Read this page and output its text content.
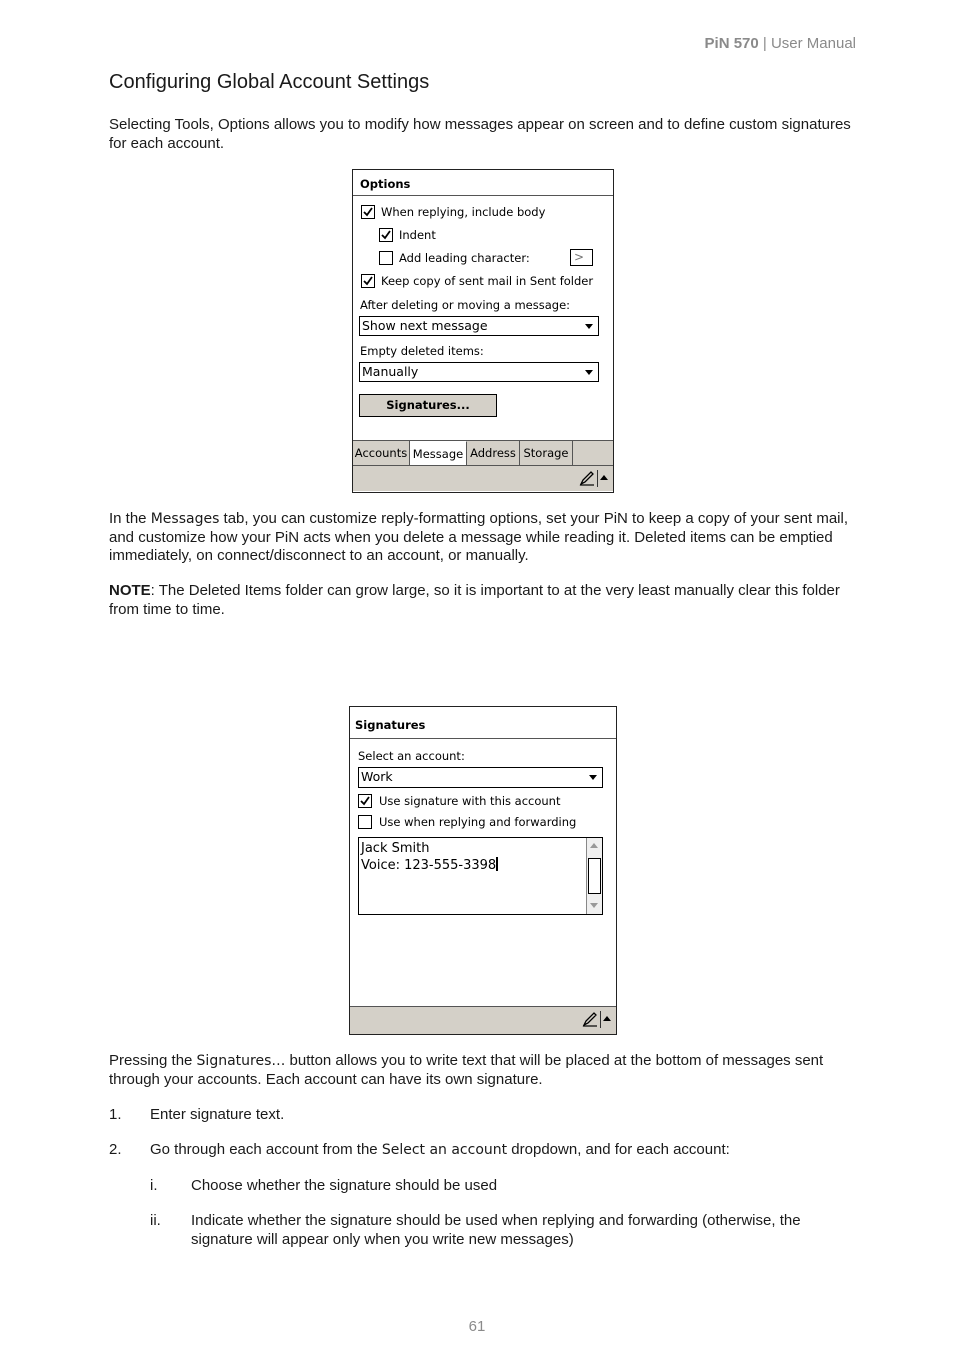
PiN 570 | User Manual
Configuring Global Account Settings
Selecting Tools, Options allows you to modify how messages appear on screen and to define custom signatures for each account.
Options
When replying, include body
Indent
Add leading character:	>
Keep copy of sent mail in Sent folder
After deleting or moving a message:
Show next message
Empty deleted items:
Manually
Signatures...
Accounts Message Address Storage
In the Messages tab, you can customize reply-formatting options, set your PiN to keep a copy of your sent mail, and customize how your PiN acts when you delete a message while reading it. Deleted items can be emptied immediately, on connect/disconnect to an account, or manually.
NOTE: The Deleted Items folder can grow large, so it is important to at the very least manually clear this folder from time to time.
Signatures
Select an account:
Work
Use signature with this account
Use when replying and forwarding
Jack Smith
Voice: 123-555-3398
Pressing the Signatures… button allows you to write text that will be placed at the bottom of messages sent through your accounts. Each account can have its own signature.
1. Enter signature text.
2. Go through each account from the Select an account dropdown, and for each account:
i. Choose whether the signature should be used
ii. Indicate whether the signature should be used when replying and forwarding (otherwise, the signature will appear only when you write new messages)
61
